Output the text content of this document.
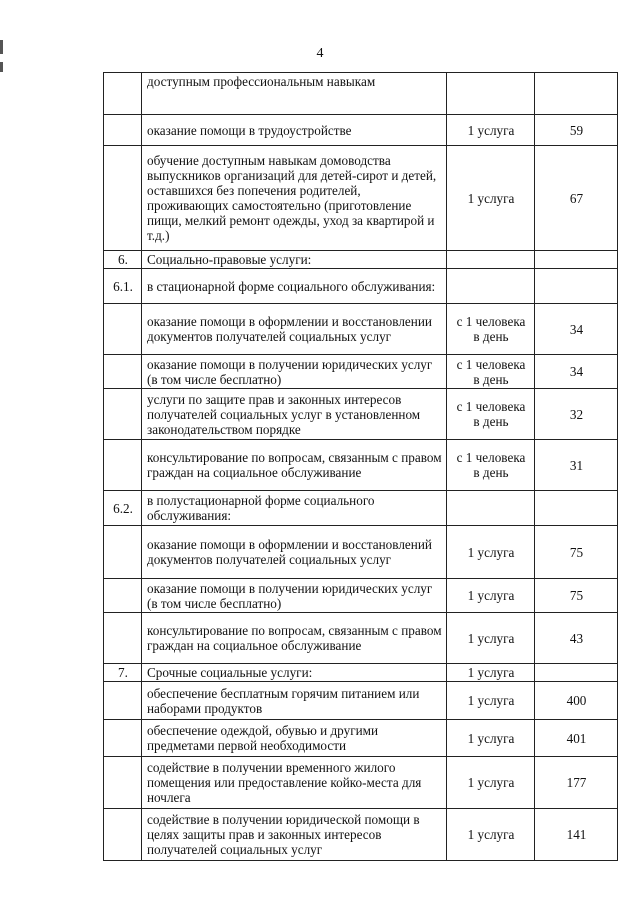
4
	доступным профессиональным навыкам		
	оказание помощи в трудоустройстве	1 услуга	59
	обучение доступным навыкам домоводства выпускников организаций для детей-сирот и детей, оставшихся без попечения родителей, проживающих самостоятельно (приготовление пищи, мелкий ремонт одежды, уход за квартирой и т.д.)	1 услуга	67
6.	Социально-правовые услуги:		
6.1.	в стационарной форме социального обслуживания:		
	оказание помощи в оформлении и восстановлении документов получателей социальных услуг	с 1 человека в день	34
	оказание помощи в получении юридических услуг (в том числе бесплатно)	с 1 человека в день	34
	услуги по защите прав и законных интересов получателей социальных услуг в установленном законодательством порядке	с 1 человека в день	32
	консультирование по вопросам, связанным с правом граждан на социальное обслуживание	с 1 человека в день	31
6.2.	в полустационарной форме социального обслуживания:		
	оказание помощи в оформлении и восстановлений документов получателей социальных услуг	1 услуга	75
	оказание помощи в получении юридических услуг (в том числе бесплатно)	1 услуга	75
	консультирование по вопросам, связанным с правом граждан на социальное обслуживание	1 услуга	43
7.	Срочные социальные услуги:	1 услуга	
	обеспечение бесплатным горячим питанием или наборами продуктов	1 услуга	400
	обеспечение одеждой, обувью и другими предметами первой необходимости	1 услуга	401
	содействие в получении временного жилого помещения или предоставление койко-места для ночлега	1 услуга	177
	содействие в получении юридической помощи в целях защиты прав и законных интересов получателей социальных услуг	1 услуга	141
